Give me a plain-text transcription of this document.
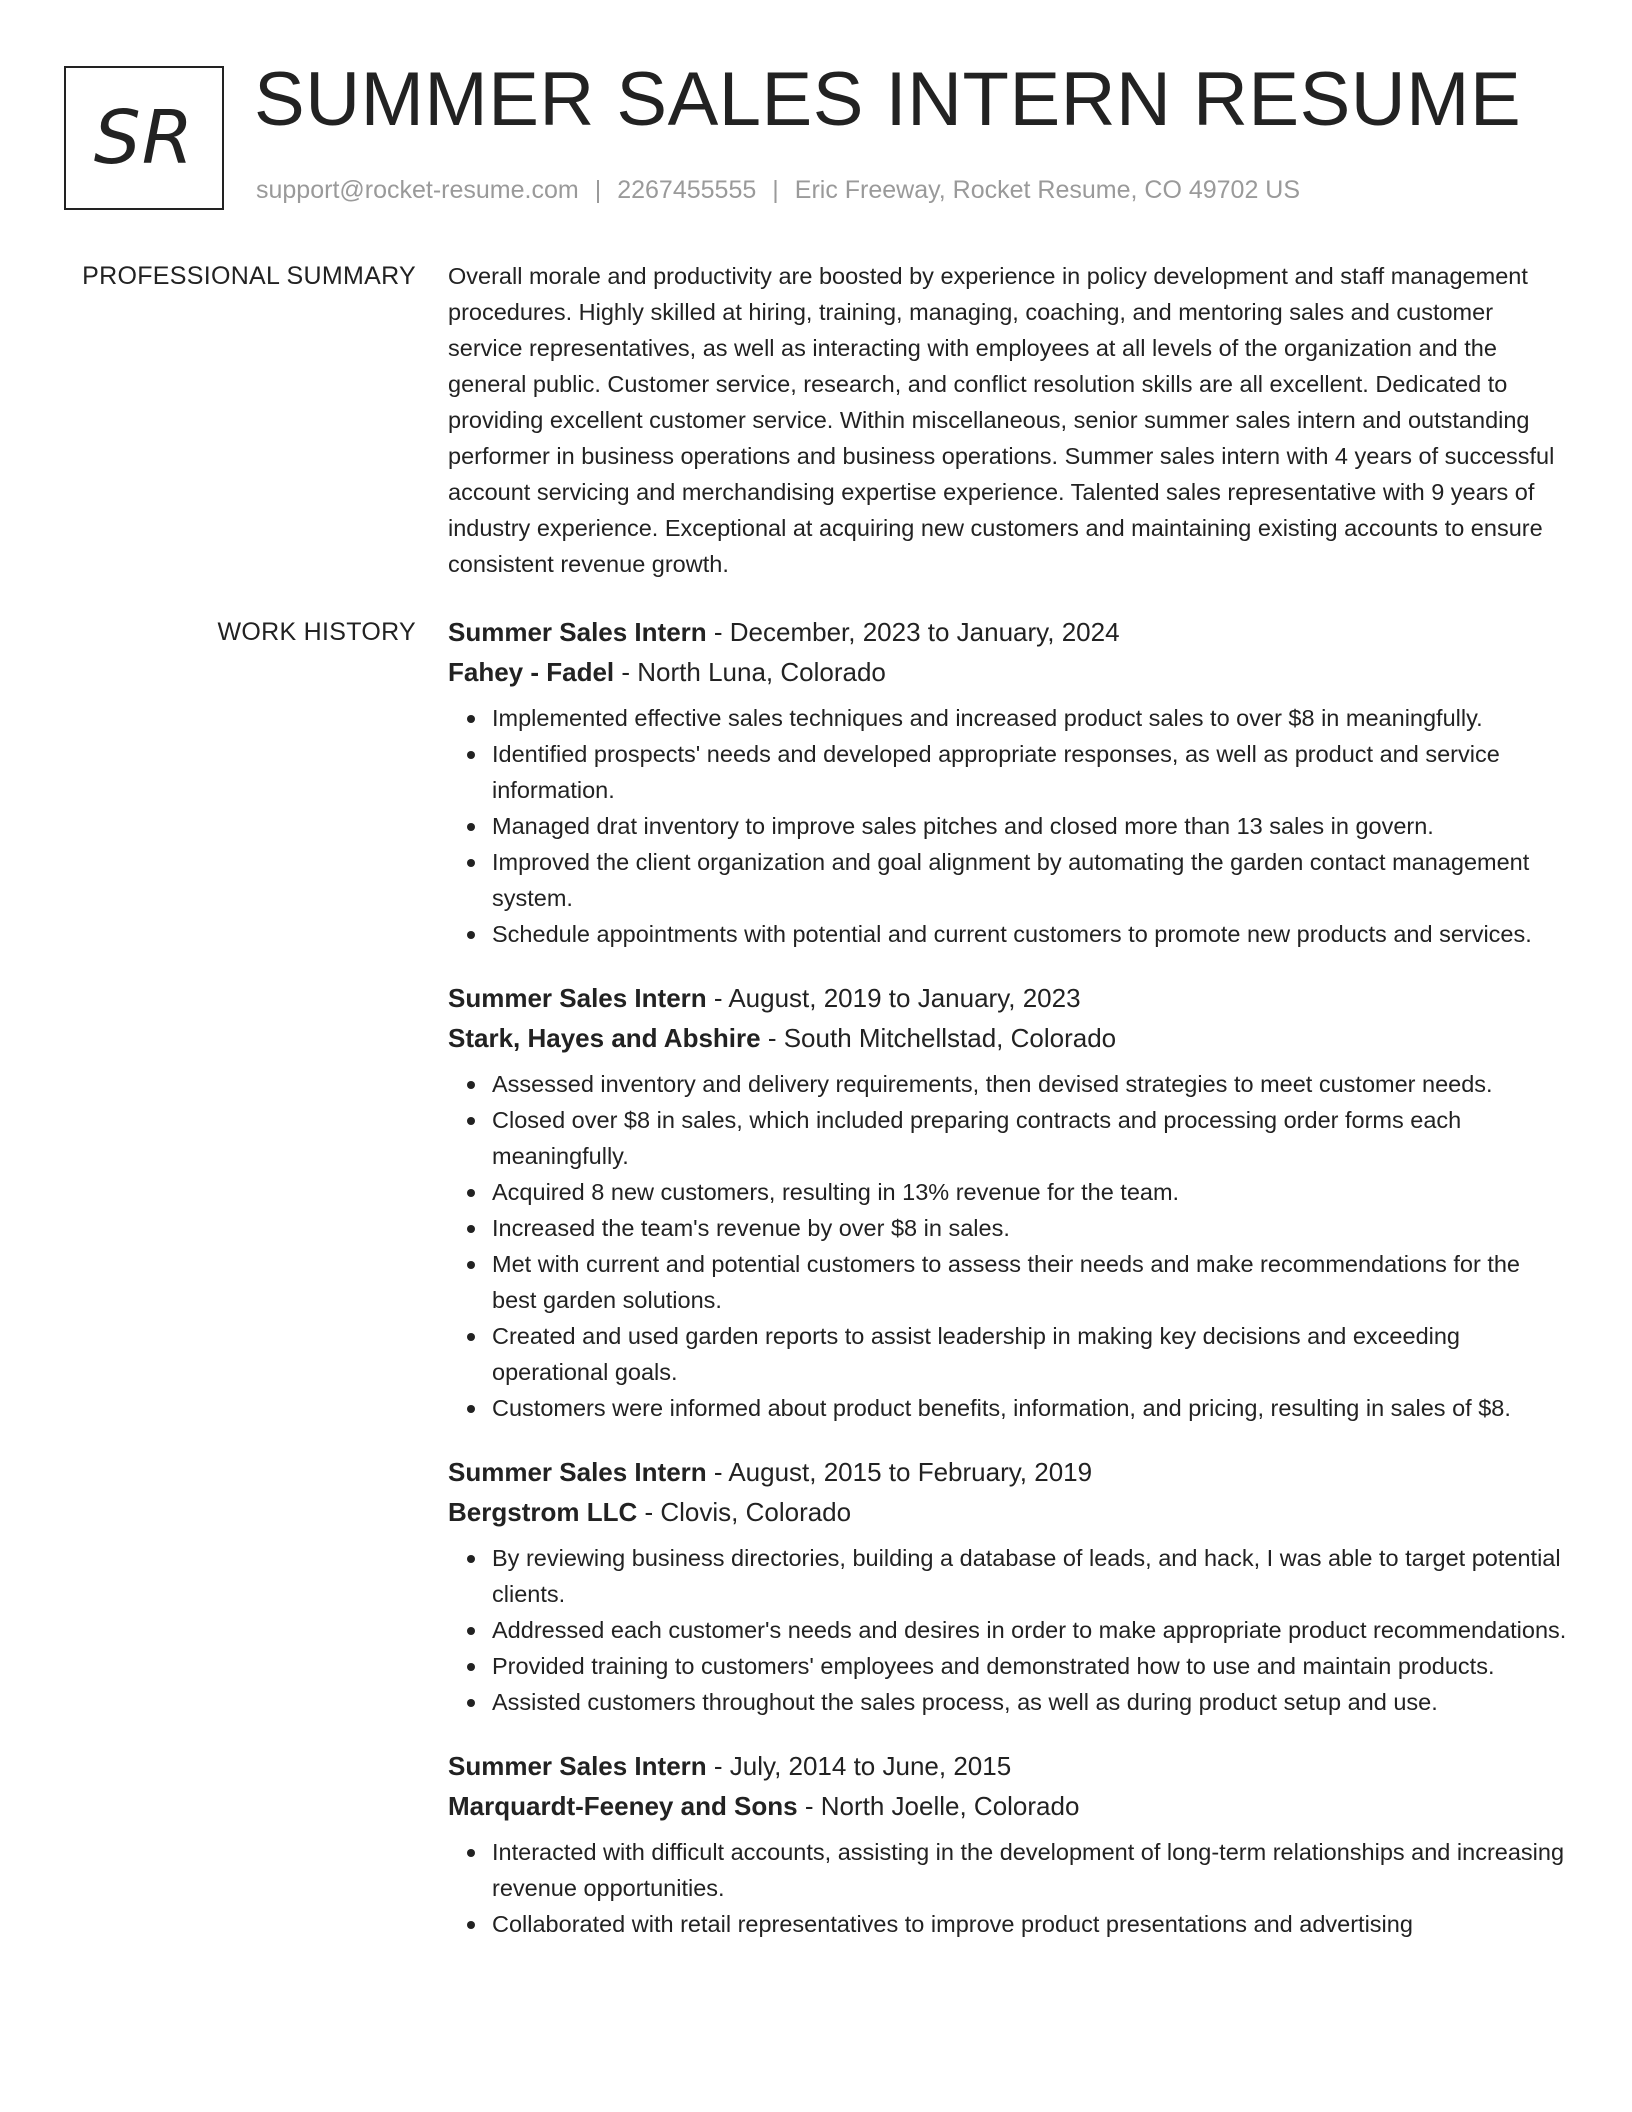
SR SUMMER SALES INTERN RESUME
support@rocket-resume.com | 2267455555 | Eric Freeway, Rocket Resume, CO 49702 US
PROFESSIONAL SUMMARY Overall morale and productivity are boosted by experience in policy development and staff management procedures. Highly skilled at hiring, training, managing, coaching, and mentoring sales and customer service representatives, as well as interacting with employees at all levels of the organization and the general public. Customer service, research, and conflict resolution skills are all excellent. Dedicated to providing excellent customer service. Within miscellaneous, senior summer sales intern and outstanding performer in business operations and business operations. Summer sales intern with 4 years of successful account servicing and merchandising expertise experience. Talented sales representative with 9 years of industry experience. Exceptional at acquiring new customers and maintaining existing accounts to ensure consistent revenue growth.

WORK HISTORY Summer Sales Intern - December, 2023 to January, 2024
Fahey - Fadel - North Luna, Colorado
Implemented effective sales techniques and increased product sales to over $8 in meaningfully.
Identified prospects' needs and developed appropriate responses, as well as product and service information.
Managed drat inventory to improve sales pitches and closed more than 13 sales in govern.
Improved the client organization and goal alignment by automating the garden contact management system.
Schedule appointments with potential and current customers to promote new products and services.
Summer Sales Intern - August, 2019 to January, 2023
Stark, Hayes and Abshire - South Mitchellstad, Colorado
Assessed inventory and delivery requirements, then devised strategies to meet customer needs.
Closed over $8 in sales, which included preparing contracts and processing order forms each meaningfully.
Acquired 8 new customers, resulting in 13% revenue for the team.
Increased the team's revenue by over $8 in sales.
Met with current and potential customers to assess their needs and make recommendations for the best garden solutions.
Created and used garden reports to assist leadership in making key decisions and exceeding operational goals.
Customers were informed about product benefits, information, and pricing, resulting in sales of $8.
Summer Sales Intern - August, 2015 to February, 2019
Bergstrom LLC - Clovis, Colorado
By reviewing business directories, building a database of leads, and hack, I was able to target potential clients.
Addressed each customer's needs and desires in order to make appropriate product recommendations.
Provided training to customers' employees and demonstrated how to use and maintain products.
Assisted customers throughout the sales process, as well as during product setup and use.
Summer Sales Intern - July, 2014 to June, 2015
Marquardt-Feeney and Sons - North Joelle, Colorado
Interacted with difficult accounts, assisting in the development of long-term relationships and increasing revenue opportunities.
Collaborated with retail representatives to improve product presentations and advertising
